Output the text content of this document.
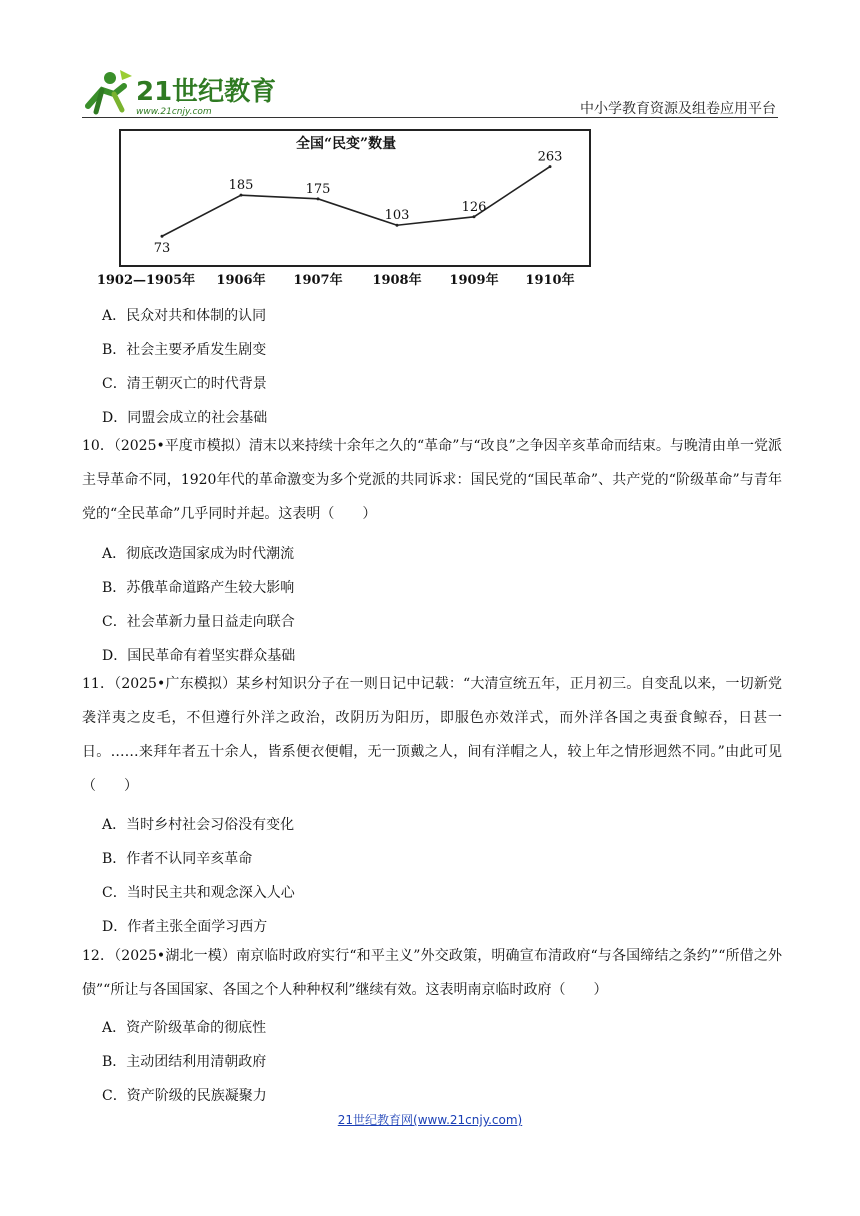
21世纪教育
www.21cnjy.com	中小学教育资源及组卷应用平台
全国“民变”数量
73
1902—1905年
185
1906年
175
1907年
103
1908年
126
1909年
263
1910年
A．民众对共和体制的认同
B．社会主要矛盾发生剧变
C．清王朝灭亡的时代背景
D．同盟会成立的社会基础
10．（2025•平度市模拟）清末以来持续十余年之久的“革命”与“改良”之争因辛亥革命而结束。与晚清由单一党派主导革命不同，1920年代的革命激变为多个党派的共同诉求：国民党的“国民革命”、共产党的“阶级革命”与青年党的“全民革命”几乎同时并起。这表明（　　）
A．彻底改造国家成为时代潮流
B．苏俄革命道路产生较大影响
C．社会革新力量日益走向联合
D．国民革命有着坚实群众基础
11．（2025•广东模拟）某乡村知识分子在一则日记中记载：“大清宣统五年，正月初三。自变乱以来，一切新党袭洋夷之皮毛，不但遵行外洋之政治，改阴历为阳历，即服色亦效洋式，而外洋各国之夷蚕食鲸吞，日甚一日。……来拜年者五十余人，皆系便衣便帽，无一顶戴之人，间有洋帽之人，较上年之情形迥然不同。”由此可见（　　）
A．当时乡村社会习俗没有变化
B．作者不认同辛亥革命
C．当时民主共和观念深入人心
D．作者主张全面学习西方
12．（2025•湖北一模）南京临时政府实行“和平主义”外交政策，明确宣布清政府“与各国缔结之条约”“所借之外债”“所让与各国国家、各国之个人种种权利”继续有效。这表明南京临时政府（　　）
A．资产阶级革命的彻底性
B．主动团结利用清朝政府
C．资产阶级的民族凝聚力
21世纪教育网(www.21cnjy.com)
